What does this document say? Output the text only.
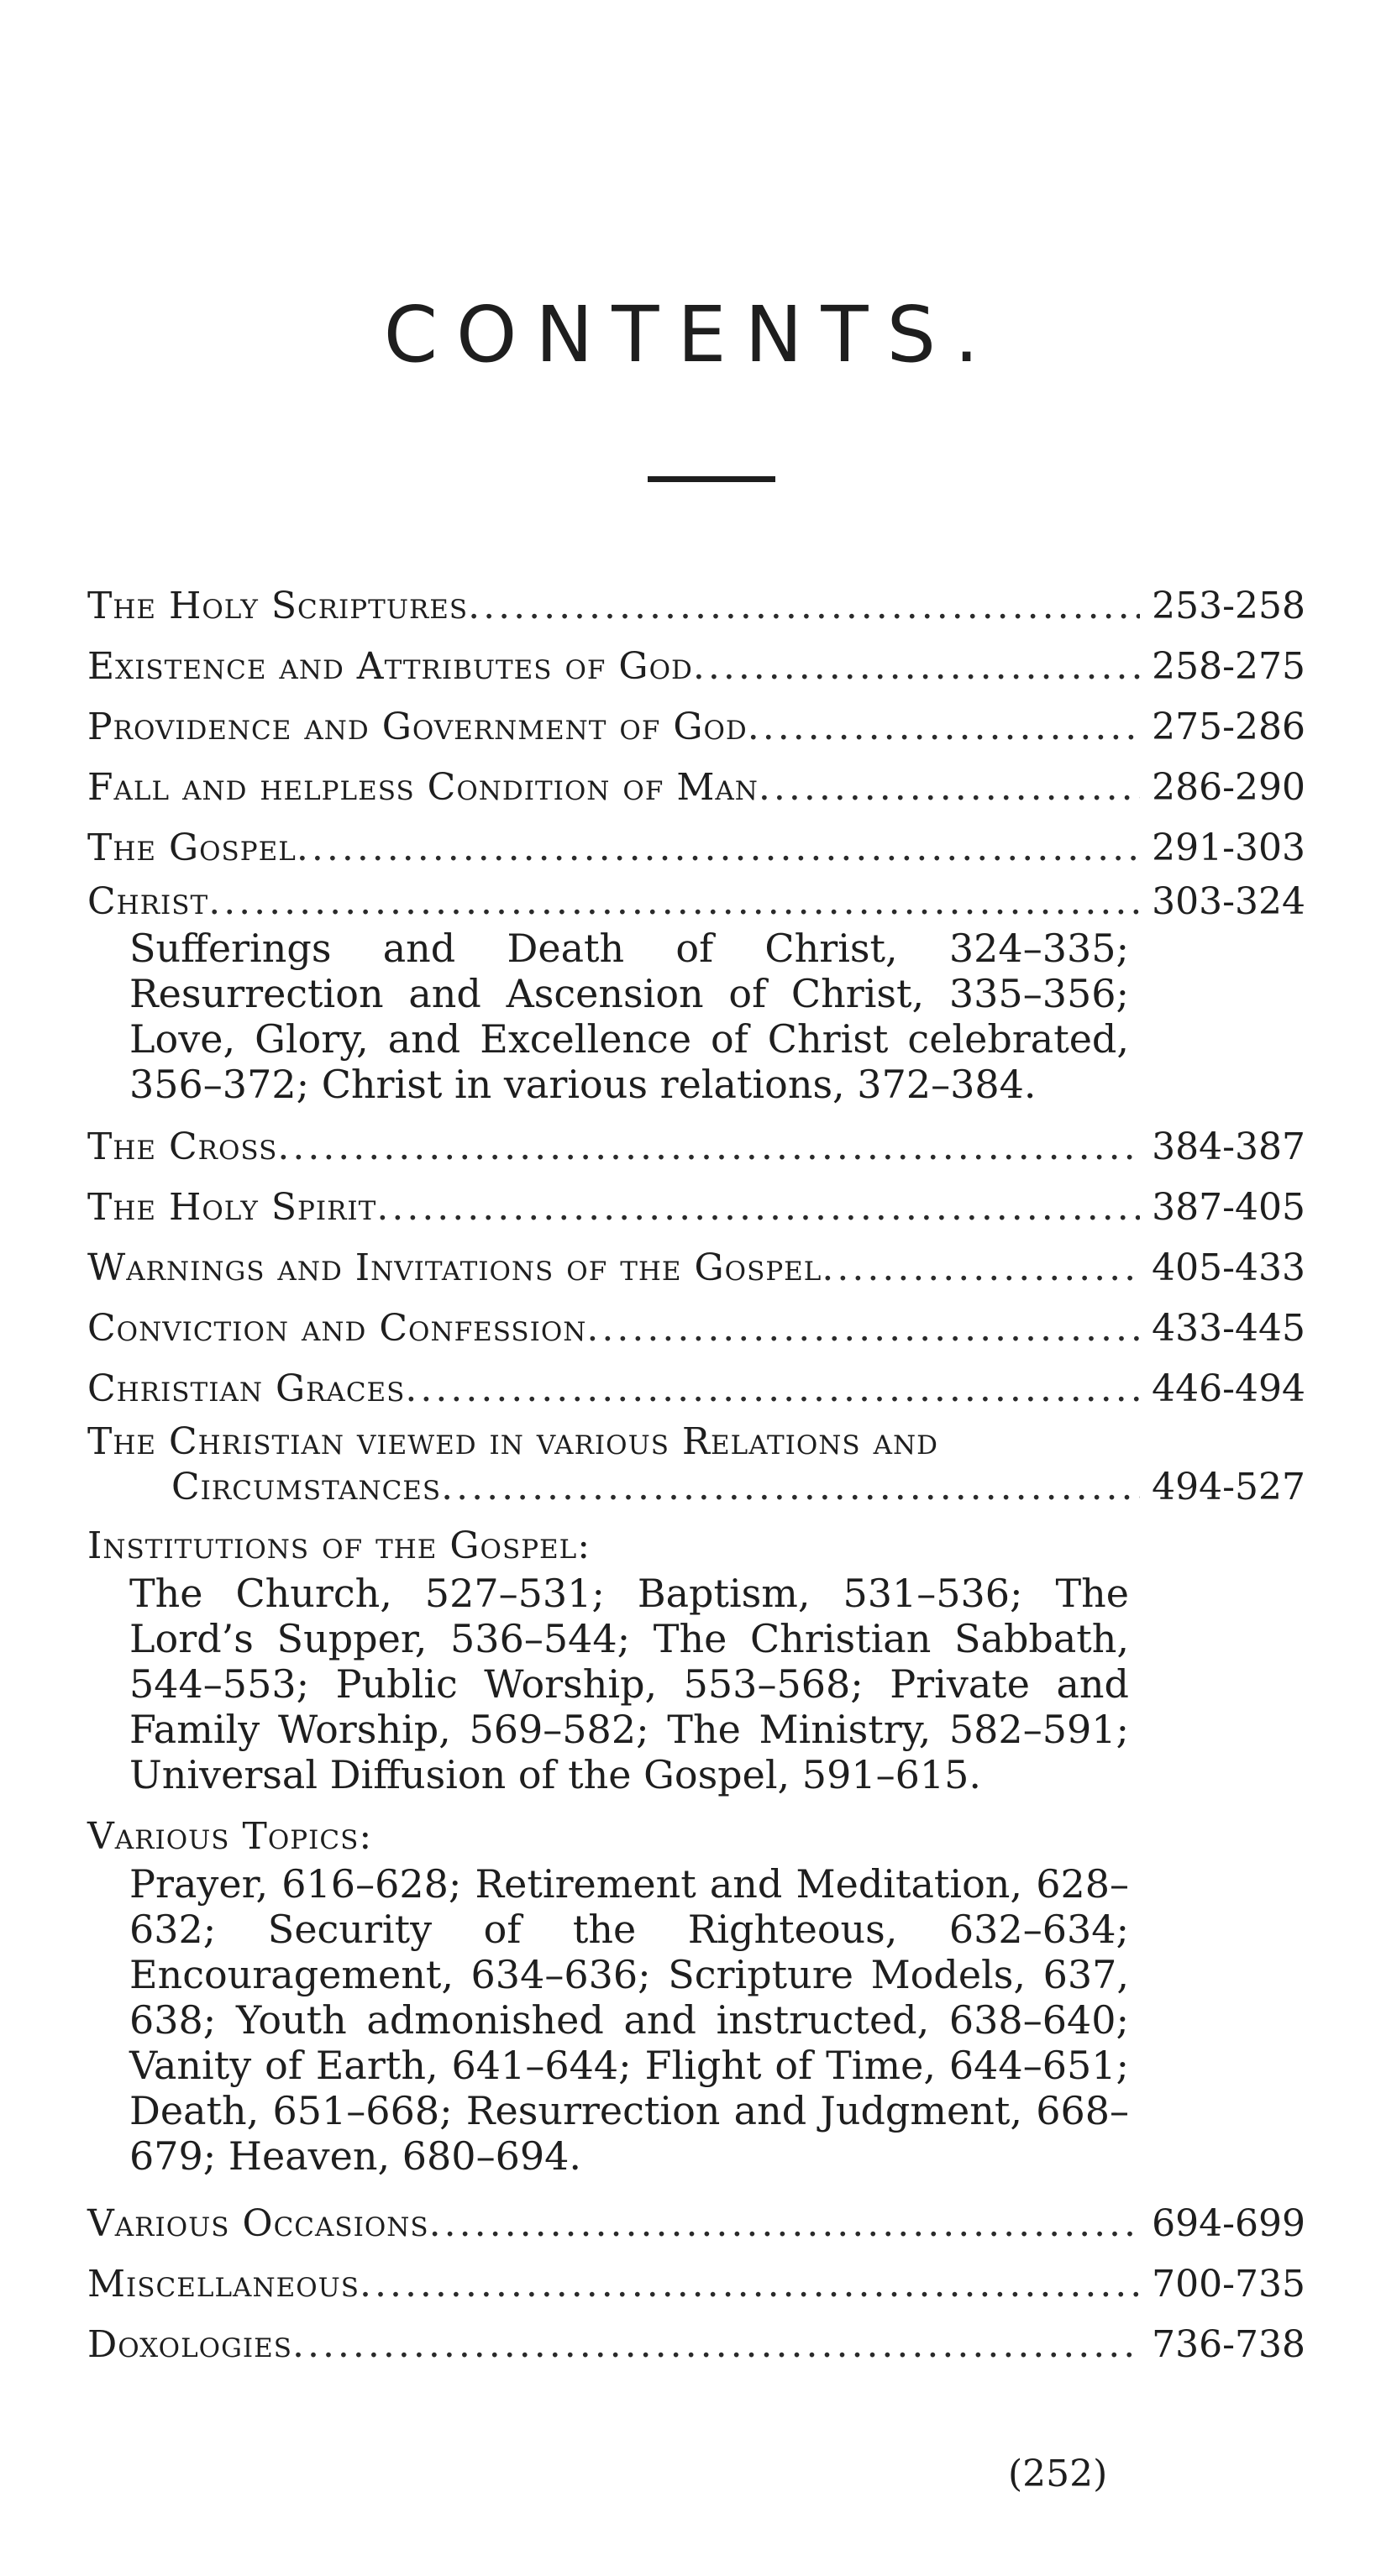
CONTENTS.
The Holy Scriptures .....	253-258
Existence and Attributes of God .....	258-275
Providence and Government of God .....	275-286
Fall and helpless Condition of Man .....	286-290
The Gospel .....	291-303
Christ .....	303-324
Sufferings and Death of Christ, 324–335; Resurrection and Ascension of Christ, 335–356; Love, Glory, and Excellence of Christ celebrated, 356–372; Christ in various relations, 372–384.
The Cross .....	384-387
The Holy Spirit .....	387-405
Warnings and Invitations of the Gospel .....	405-433
Conviction and Confession .....	433-445
Christian Graces .....	446-494
The Christian viewed in various Relations and
Circumstances .....	494-527
Institutions of the Gospel:
The Church, 527–531; Baptism, 531–536; The Lord’s Supper, 536–544; The Christian Sabbath, 544–553; Public Worship, 553–568; Private and Family Worship, 569–582; The Ministry, 582–591; Universal Diffusion of the Gospel, 591–615.
Various Topics:
Prayer, 616–628; Retirement and Meditation, 628–632; Security of the Righteous, 632–634; Encouragement, 634–636; Scripture Models, 637, 638; Youth admonished and instructed, 638–640; Vanity of Earth, 641–644; Flight of Time, 644–651; Death, 651–668; Resurrection and Judgment, 668–679; Heaven, 680–694.
Various Occasions .....	694-699
Miscellaneous .....	700-735
Doxologies .....	736-738
(252)
